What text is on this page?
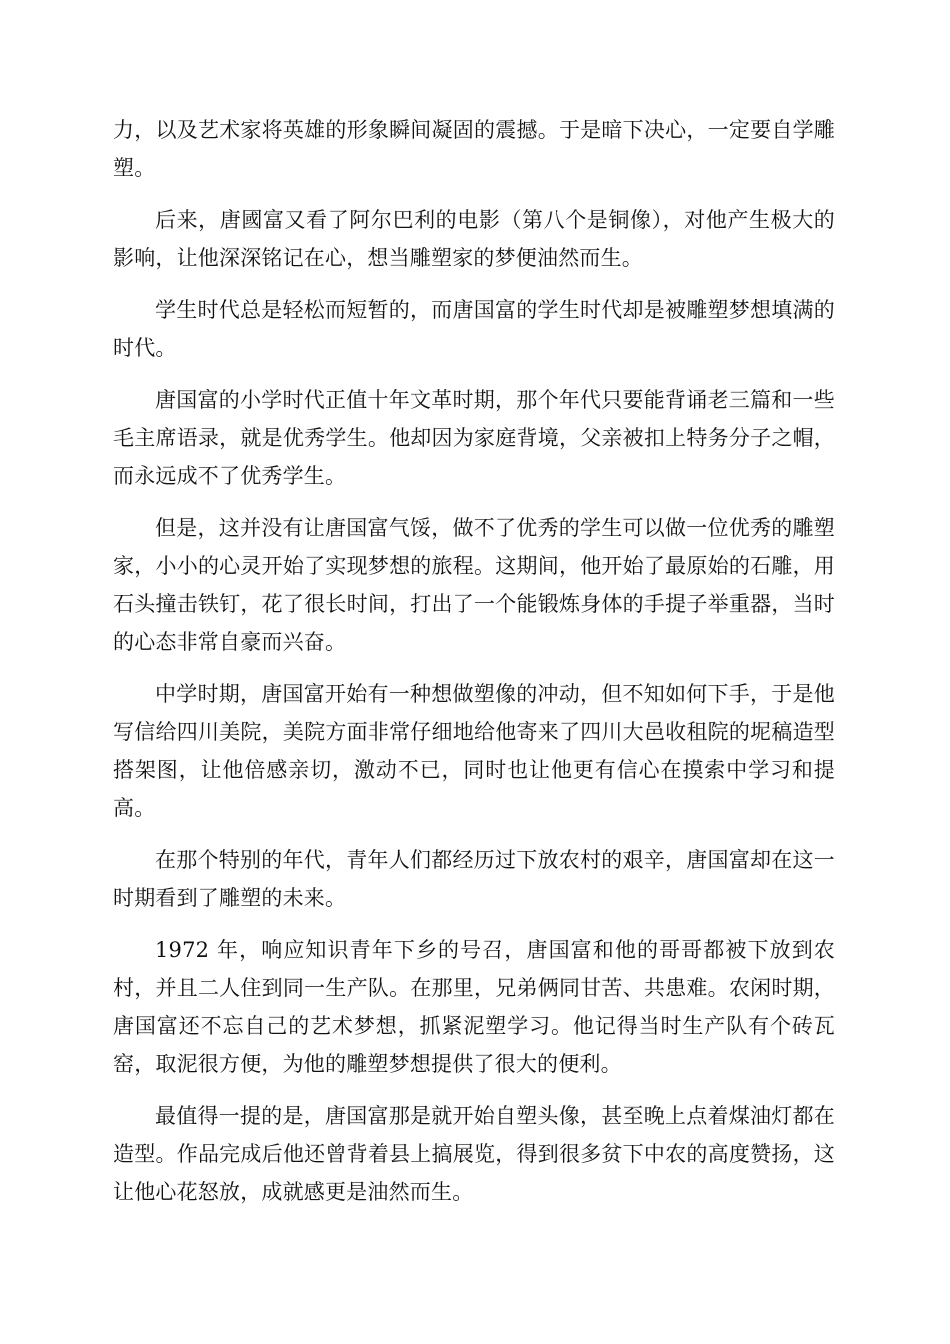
力，以及艺术家将英雄的形象瞬间凝固的震撼。于是暗下决心，一定要自学雕塑。

后来，唐國富又看了阿尔巴利的电影（第八个是铜像），对他产生极大的影响，让他深深铭记在心，想当雕塑家的梦便油然而生。

学生时代总是轻松而短暂的，而唐国富的学生时代却是被雕塑梦想填满的时代。

唐国富的小学时代正值十年文革时期，那个年代只要能背诵老三篇和一些毛主席语录，就是优秀学生。他却因为家庭背境，父亲被扣上特务分子之帽，而永远成不了优秀学生。

但是，这并没有让唐国富气馁，做不了优秀的学生可以做一位优秀的雕塑家，小小的心灵开始了实现梦想的旅程。这期间，他开始了最原始的石雕，用石头撞击铁钉，花了很长时间，打出了一个能锻炼身体的手提子举重器，当时的心态非常自豪而兴奋。

中学时期，唐国富开始有一种想做塑像的冲动，但不知如何下手，于是他写信给四川美院，美院方面非常仔细地给他寄来了四川大邑收租院的坭稿造型搭架图，让他倍感亲切，激动不已，同时也让他更有信心在摸索中学习和提高。

在那个特别的年代，青年人们都经历过下放农村的艰辛，唐国富却在这一时期看到了雕塑的未来。

1972 年，响应知识青年下乡的号召，唐国富和他的哥哥都被下放到农村，并且二人住到同一生产队。在那里，兄弟俩同甘苦、共患难。农闲时期，唐国富还不忘自己的艺术梦想，抓紧泥塑学习。他记得当时生产队有个砖瓦窑，取泥很方便，为他的雕塑梦想提供了很大的便利。

最值得一提的是，唐国富那是就开始自塑头像，甚至晚上点着煤油灯都在造型。作品完成后他还曾背着县上搞展览，得到很多贫下中农的高度赞扬，这让他心花怒放，成就感更是油然而生。
